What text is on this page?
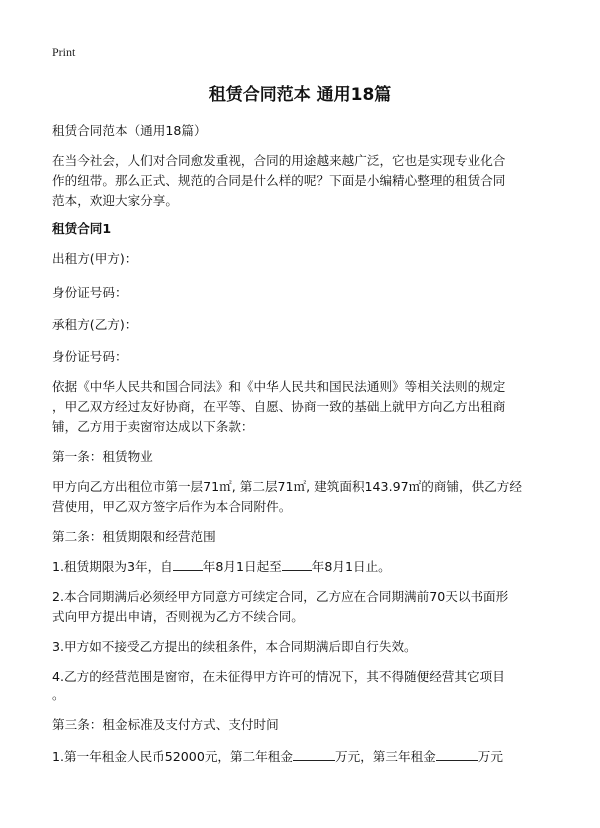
Print
租赁合同范本 通用18篇

租赁合同范本（通用18篇）

在当今社会，人们对合同愈发重视，合同的用途越来越广泛，它也是实现专业化合

作的纽带。那么正式、规范的合同是什么样的呢？下面是小编精心整理的租赁合同

范本，欢迎大家分享。

租赁合同1

出租方(甲方)：

身份证号码：

承租方(乙方)：

身份证号码：

依据《中华人民共和国合同法》和《中华人民共和国民法通则》等相关法则的规定

，甲乙双方经过友好协商，在平等、自愿、协商一致的基础上就甲方向乙方出租商

铺，乙方用于卖窗帘达成以下条款：

第一条：租赁物业

甲方向乙方出租位市第一层71㎡, 第二层71㎡, 建筑面积143.97㎡的商铺，供乙方经

营使用，甲乙双方签字后作为本合同附件。

第二条：租赁期限和经营范围

1.租赁期限为3年，自 年8月1日起至 年8月1日止。

2.本合同期满后必须经甲方同意方可续定合同，乙方应在合同期满前70天以书面形

式向甲方提出申请，否则视为乙方不续合同。

3.甲方如不接受乙方提出的续租条件，本合同期满后即自行失效。

4.乙方的经营范围是窗帘，在未征得甲方许可的情况下，其不得随便经营其它项目

。

第三条：租金标准及支付方式、支付时间

1.第一年租金人民币52000元，第二年租金	万元，第三年租金	万元
